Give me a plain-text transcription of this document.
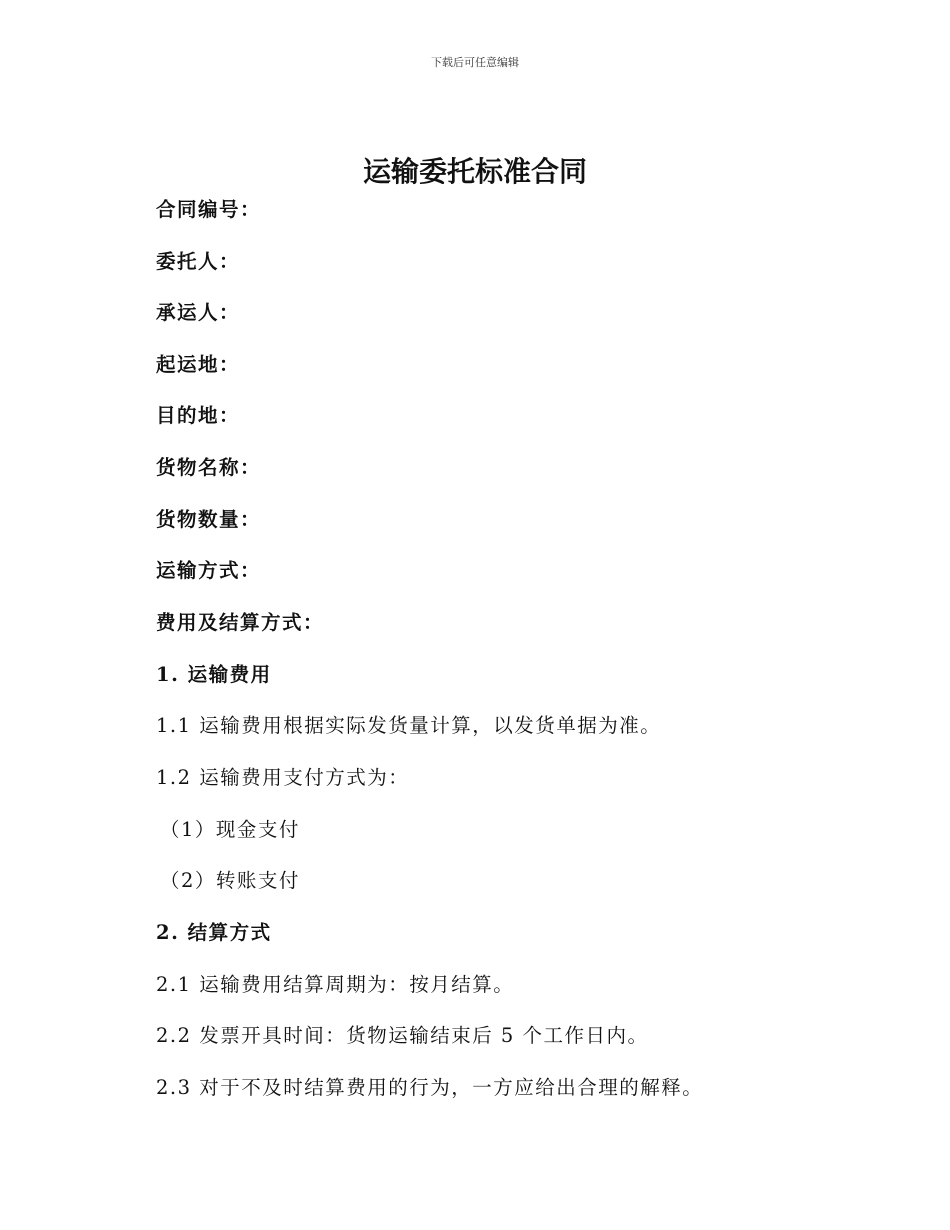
下载后可任意编辑
运输委托标准合同
合同编号：
委托人：
承运人：
起运地：
目的地：
货物名称：
货物数量：
运输方式：
费用及结算方式：
1. 运输费用
1.1 运输费用根据实际发货量计算，以发货单据为准。
1.2 运输费用支付方式为：
（1）现金支付
（2）转账支付
2. 结算方式
2.1 运输费用结算周期为：按月结算。
2.2 发票开具时间：货物运输结束后 5 个工作日内。
2.3 对于不及时结算费用的行为，一方应给出合理的解释。
